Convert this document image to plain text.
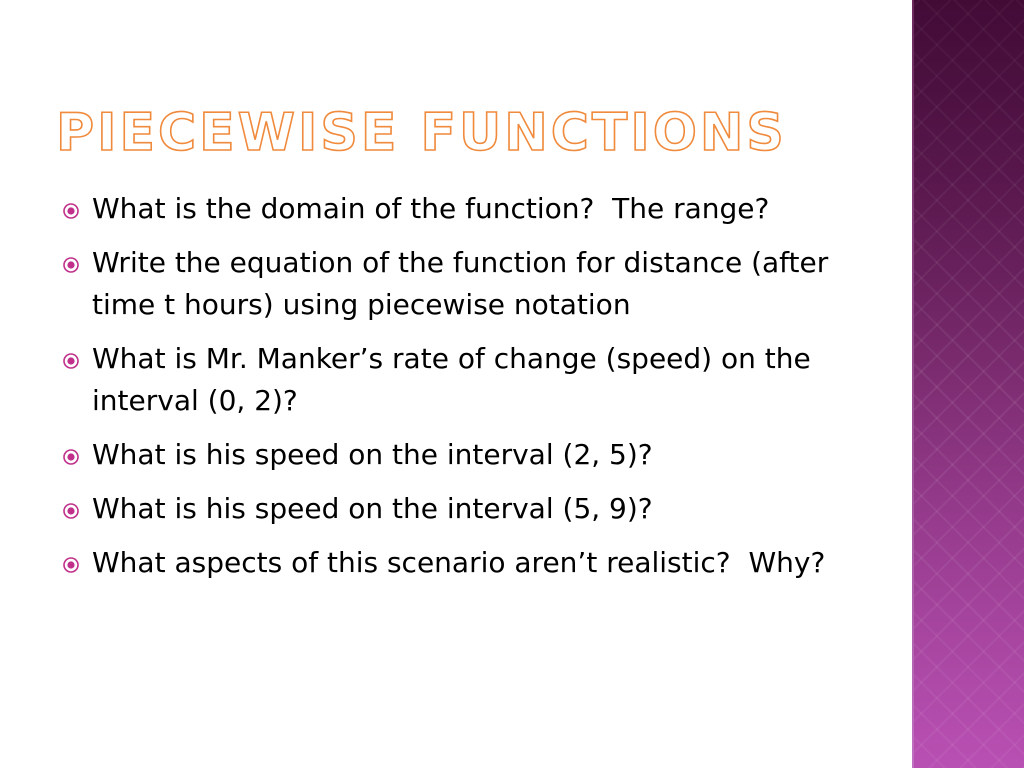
PIECEWISE FUNCTIONS
What is the domain of the function?  The range?
Write the equation of the function for distance (after time t hours) using piecewise notation
What is Mr. Manker’s rate of change (speed) on the interval (0, 2)?
What is his speed on the interval (2, 5)?
What is his speed on the interval (5, 9)?
What aspects of this scenario aren’t realistic?  Why?
